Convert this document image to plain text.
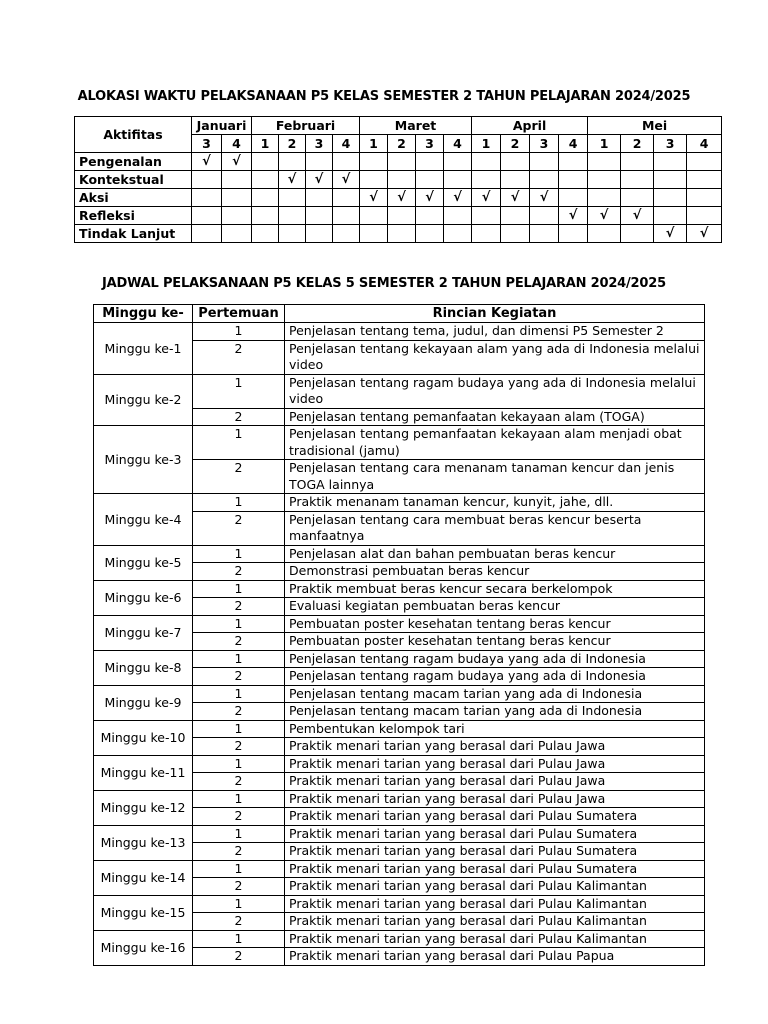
ALOKASI WAKTU PELAKSANAAN P5 KELAS SEMESTER 2 TAHUN PELAJARAN 2024/2025
Aktifitas	Januari		Februari				Maret				April				Mei			
	3	4	1	2	3	4	1	2	3	4	1	2	3	4	1	2	3	4
Pengenalan	√	√																
Kontekstual				√	√	√												
Aksi							√	√	√	√	√	√	√					
Refleksi														√	√	√		
Tindak Lanjut																	√	√
JADWAL PELAKSANAAN P5 KELAS 5 SEMESTER 2 TAHUN PELAJARAN 2024/2025
Minggu ke-	Pertemuan	Rincian Kegiatan
Minggu ke-1	1	Penjelasan tentang tema, judul, dan dimensi P5 Semester 2
	2	Penjelasan tentang kekayaan alam yang ada di Indonesia melalui video
Minggu ke-2	1	Penjelasan tentang ragam budaya yang ada di Indonesia melalui video
	2	Penjelasan tentang pemanfaatan kekayaan alam (TOGA)
Minggu ke-3	1	Penjelasan tentang pemanfaatan kekayaan alam menjadi obat tradisional (jamu)
	2	Penjelasan tentang cara menanam tanaman kencur dan jenis TOGA lainnya
Minggu ke-4	1	Praktik menanam tanaman kencur, kunyit, jahe, dll.
	2	Penjelasan tentang cara membuat beras kencur beserta manfaatnya
Minggu ke-5	1	Penjelasan alat dan bahan pembuatan beras kencur
	2	Demonstrasi pembuatan beras kencur
Minggu ke-6	1	Praktik membuat beras kencur secara berkelompok
	2	Evaluasi kegiatan pembuatan beras kencur
Minggu ke-7	1	Pembuatan poster kesehatan tentang beras kencur
	2	Pembuatan poster kesehatan tentang beras kencur
Minggu ke-8	1	Penjelasan tentang ragam budaya yang ada di Indonesia
	2	Penjelasan tentang ragam budaya yang ada di Indonesia
Minggu ke-9	1	Penjelasan tentang macam tarian yang ada di Indonesia
	2	Penjelasan tentang macam tarian yang ada di Indonesia
Minggu ke-10	1	Pembentukan kelompok tari
	2	Praktik menari tarian yang berasal dari Pulau Jawa
Minggu ke-11	1	Praktik menari tarian yang berasal dari Pulau Jawa
	2	Praktik menari tarian yang berasal dari Pulau Jawa
Minggu ke-12	1	Praktik menari tarian yang berasal dari Pulau Jawa
	2	Praktik menari tarian yang berasal dari Pulau Sumatera
Minggu ke-13	1	Praktik menari tarian yang berasal dari Pulau Sumatera
	2	Praktik menari tarian yang berasal dari Pulau Sumatera
Minggu ke-14	1	Praktik menari tarian yang berasal dari Pulau Sumatera
	2	Praktik menari tarian yang berasal dari Pulau Kalimantan
Minggu ke-15	1	Praktik menari tarian yang berasal dari Pulau Kalimantan
	2	Praktik menari tarian yang berasal dari Pulau Kalimantan
Minggu ke-16	1	Praktik menari tarian yang berasal dari Pulau Kalimantan
	2	Praktik menari tarian yang berasal dari Pulau Papua
